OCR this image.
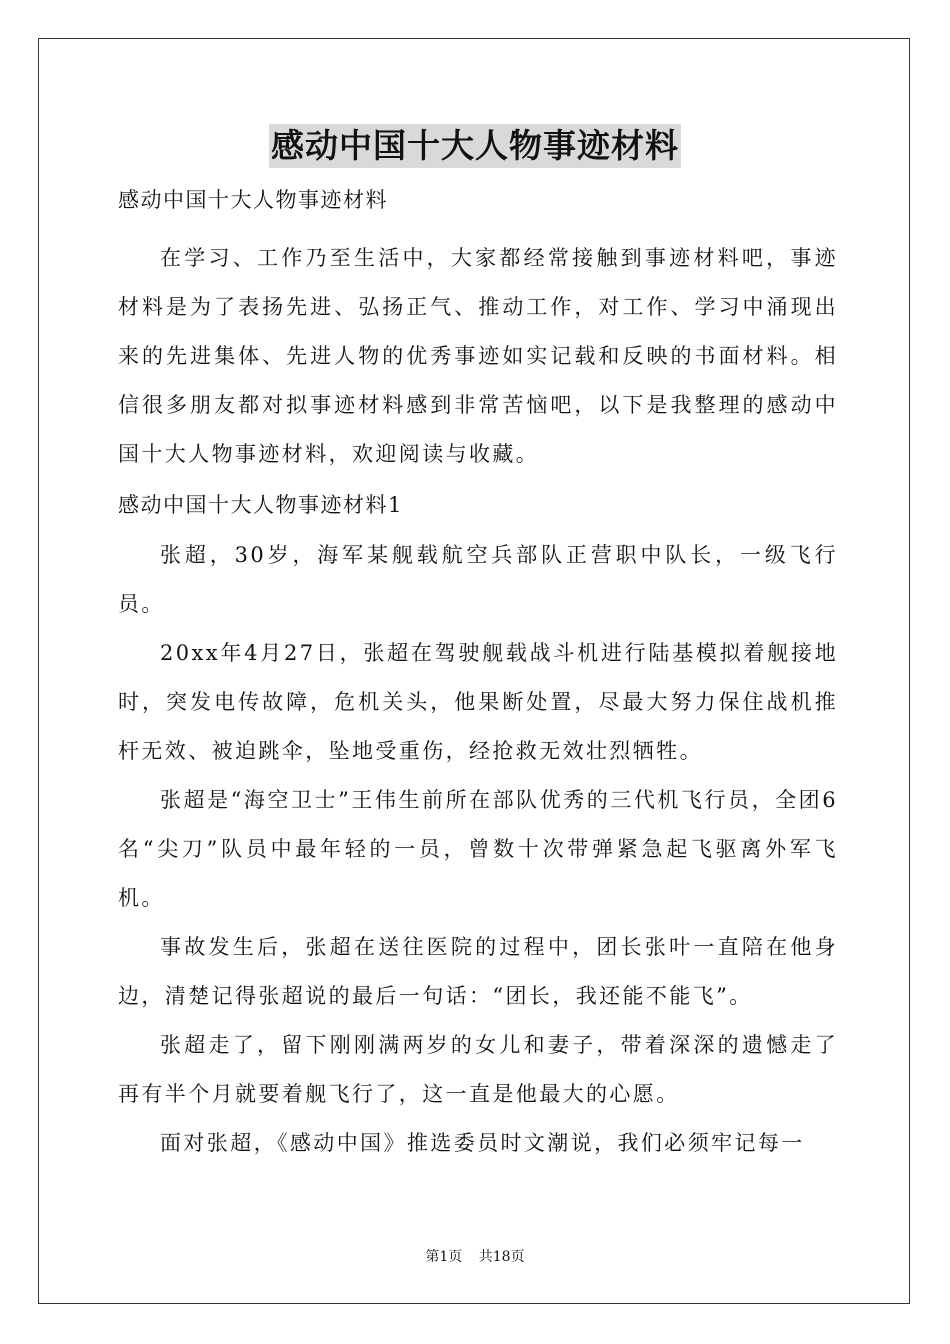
感动中国十大人物事迹材料

感动中国十大人物事迹材料

在学习、工作乃至生活中，大家都经常接触到事迹材料吧，事迹材料是为了表扬先进、弘扬正气、推动工作，对工作、学习中涌现出来的先进集体、先进人物的优秀事迹如实记载和反映的书面材料。相信很多朋友都对拟事迹材料感到非常苦恼吧，以下是我整理的感动中国十大人物事迹材料，欢迎阅读与收藏。

感动中国十大人物事迹材料1

张超，30岁，海军某舰载航空兵部队正营职中队长，一级飞行员。

20xx年4月27日，张超在驾驶舰载战斗机进行陆基模拟着舰接地时，突发电传故障，危机关头，他果断处置，尽最大努力保住战机推杆无效、被迫跳伞，坠地受重伤，经抢救无效壮烈牺牲。

张超是“海空卫士”王伟生前所在部队优秀的三代机飞行员，全团6名“尖刀”队员中最年轻的一员，曾数十次带弹紧急起飞驱离外军飞机。

事故发生后，张超在送往医院的过程中，团长张叶一直陪在他身边，清楚记得张超说的最后一句话：“团长，我还能不能飞”。

张超走了，留下刚刚满两岁的女儿和妻子，带着深深的遗憾走了再有半个月就要着舰飞行了，这一直是他最大的心愿。

面对张超，《感动中国》推选委员时文潮说，我们必须牢记每一

第1页 共18页
